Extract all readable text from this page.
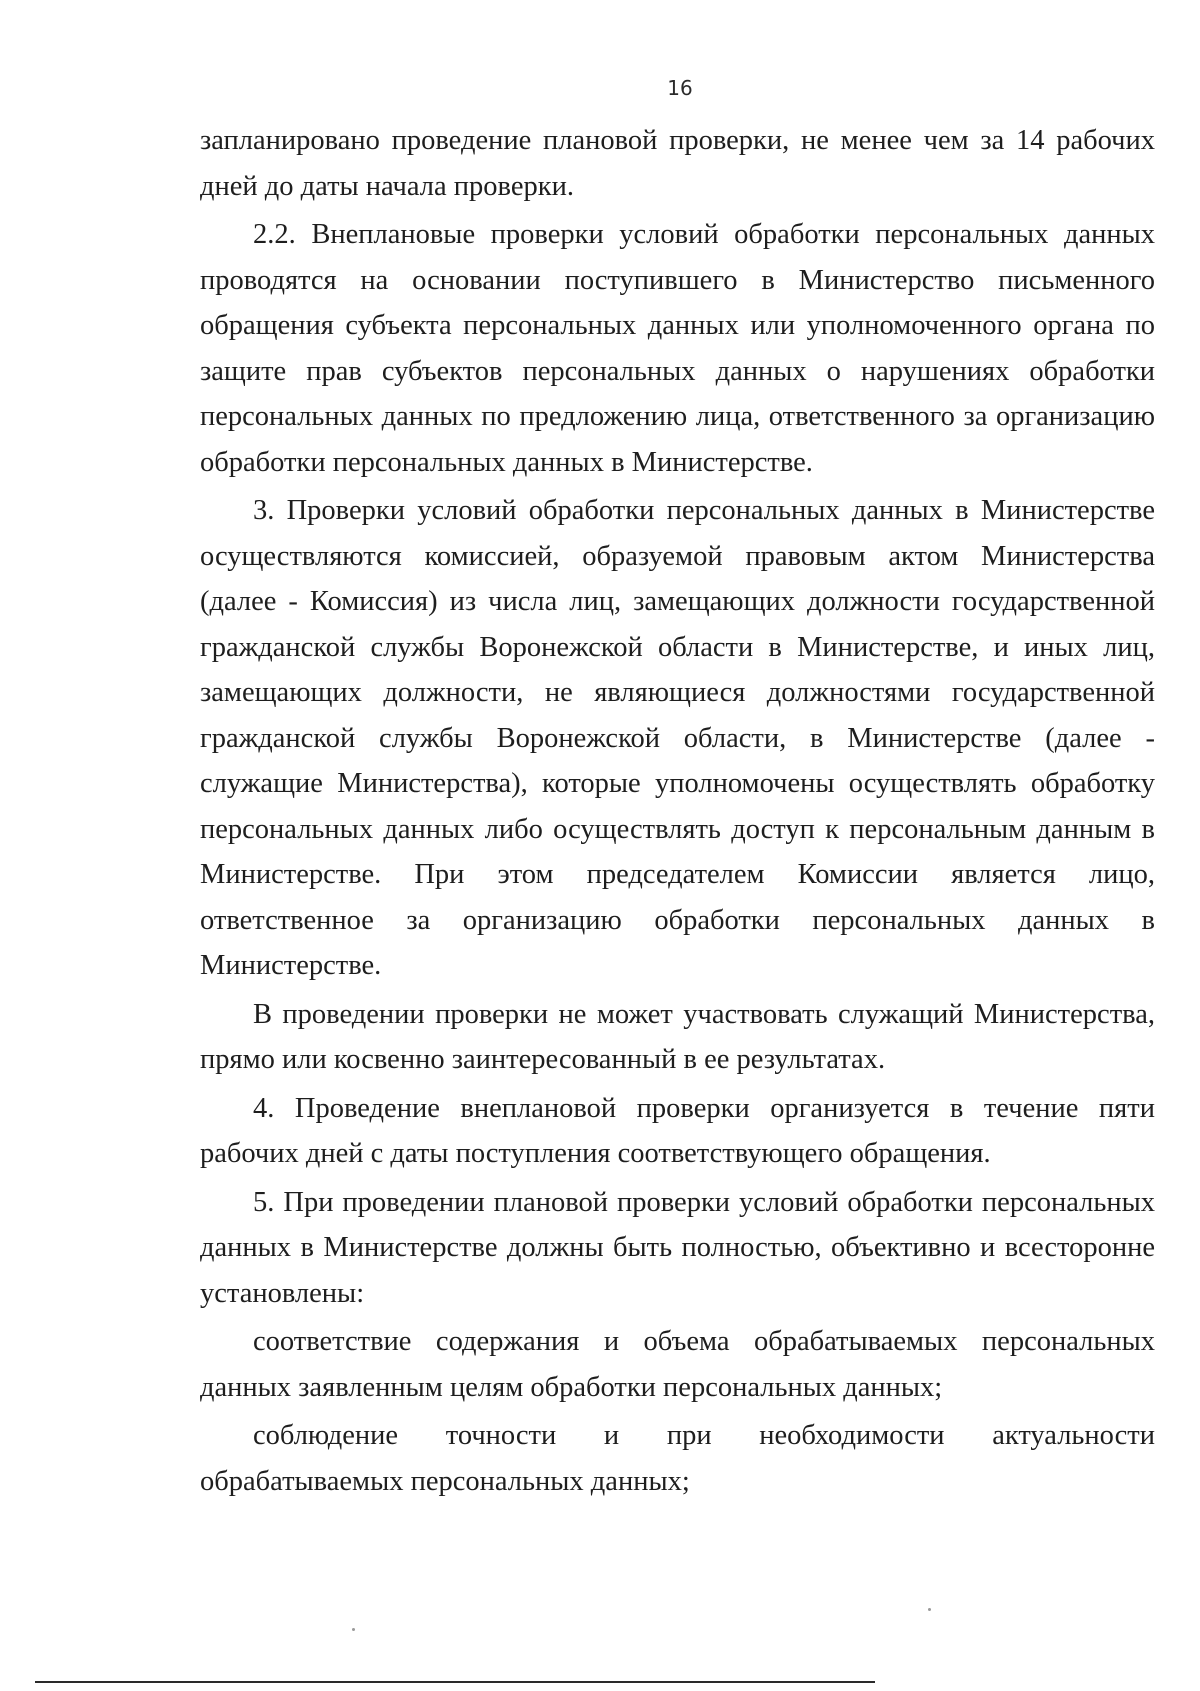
16

запланировано проведение плановой проверки, не менее чем за 14 рабочих дней до даты начала проверки.

2.2. Внеплановые проверки условий обработки персональных данных проводятся на основании поступившего в Министерство письменного обращения субъекта персональных данных или уполномоченного органа по защите прав субъектов персональных данных о нарушениях обработки персональных данных по предложению лица, ответственного за организацию обработки персональных данных в Министерстве.

3. Проверки условий обработки персональных данных в Министерстве осуществляются комиссией, образуемой правовым актом Министерства (далее - Комиссия) из числа лиц, замещающих должности государственной гражданской службы Воронежской области в Министерстве, и иных лиц, замещающих должности, не являющиеся должностями государственной гражданской службы Воронежской области, в Министерстве (далее - служащие Министерства), которые уполномочены осуществлять обработку персональных данных либо осуществлять доступ к персональным данным в Министерстве. При этом председателем Комиссии является лицо, ответственное за организацию обработки персональных данных в Министерстве.

В проведении проверки не может участвовать служащий Министерства, прямо или косвенно заинтересованный в ее результатах.

4. Проведение внеплановой проверки организуется в течение пяти рабочих дней с даты поступления соответствующего обращения.

5. При проведении плановой проверки условий обработки персональных данных в Министерстве должны быть полностью, объективно и всесторонне установлены:

соответствие содержания и объема обрабатываемых персональных данных заявленным целям обработки персональных данных;

соблюдение точности и при необходимости актуальности обрабатываемых персональных данных;
